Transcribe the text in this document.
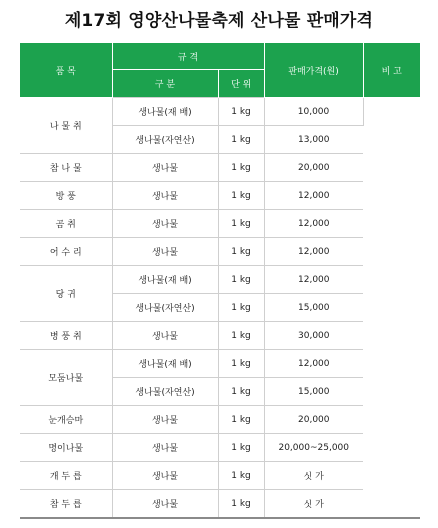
제17회 영양산나물축제 산나물 판매가격
품 목	규 격		판매가격(원)	비 고
	구 분	단 위		
나 물 취	생나물(재 배)	1 kg	10,000	
	생나물(자연산)	1 kg	13,000	
참 나 물	생나물	1 kg	20,000	
방 풍	생나물	1 kg	12,000	
곰 취	생나물	1 kg	12,000	
어 수 리	생나물	1 kg	12,000	
당 귀	생나물(재 배)	1 kg	12,000	
	생나물(자연산)	1 kg	15,000	
병 풍 취	생나물	1 kg	30,000	
모둠나물	생나물(재 배)	1 kg	12,000	
	생나물(자연산)	1 kg	15,000	
눈개승마	생나물	1 kg	20,000	
명이나물	생나물	1 kg	20,000~25,000	
개 두 릅	생나물	1 kg	싯 가	
참 두 릅	생나물	1 kg	싯 가	
